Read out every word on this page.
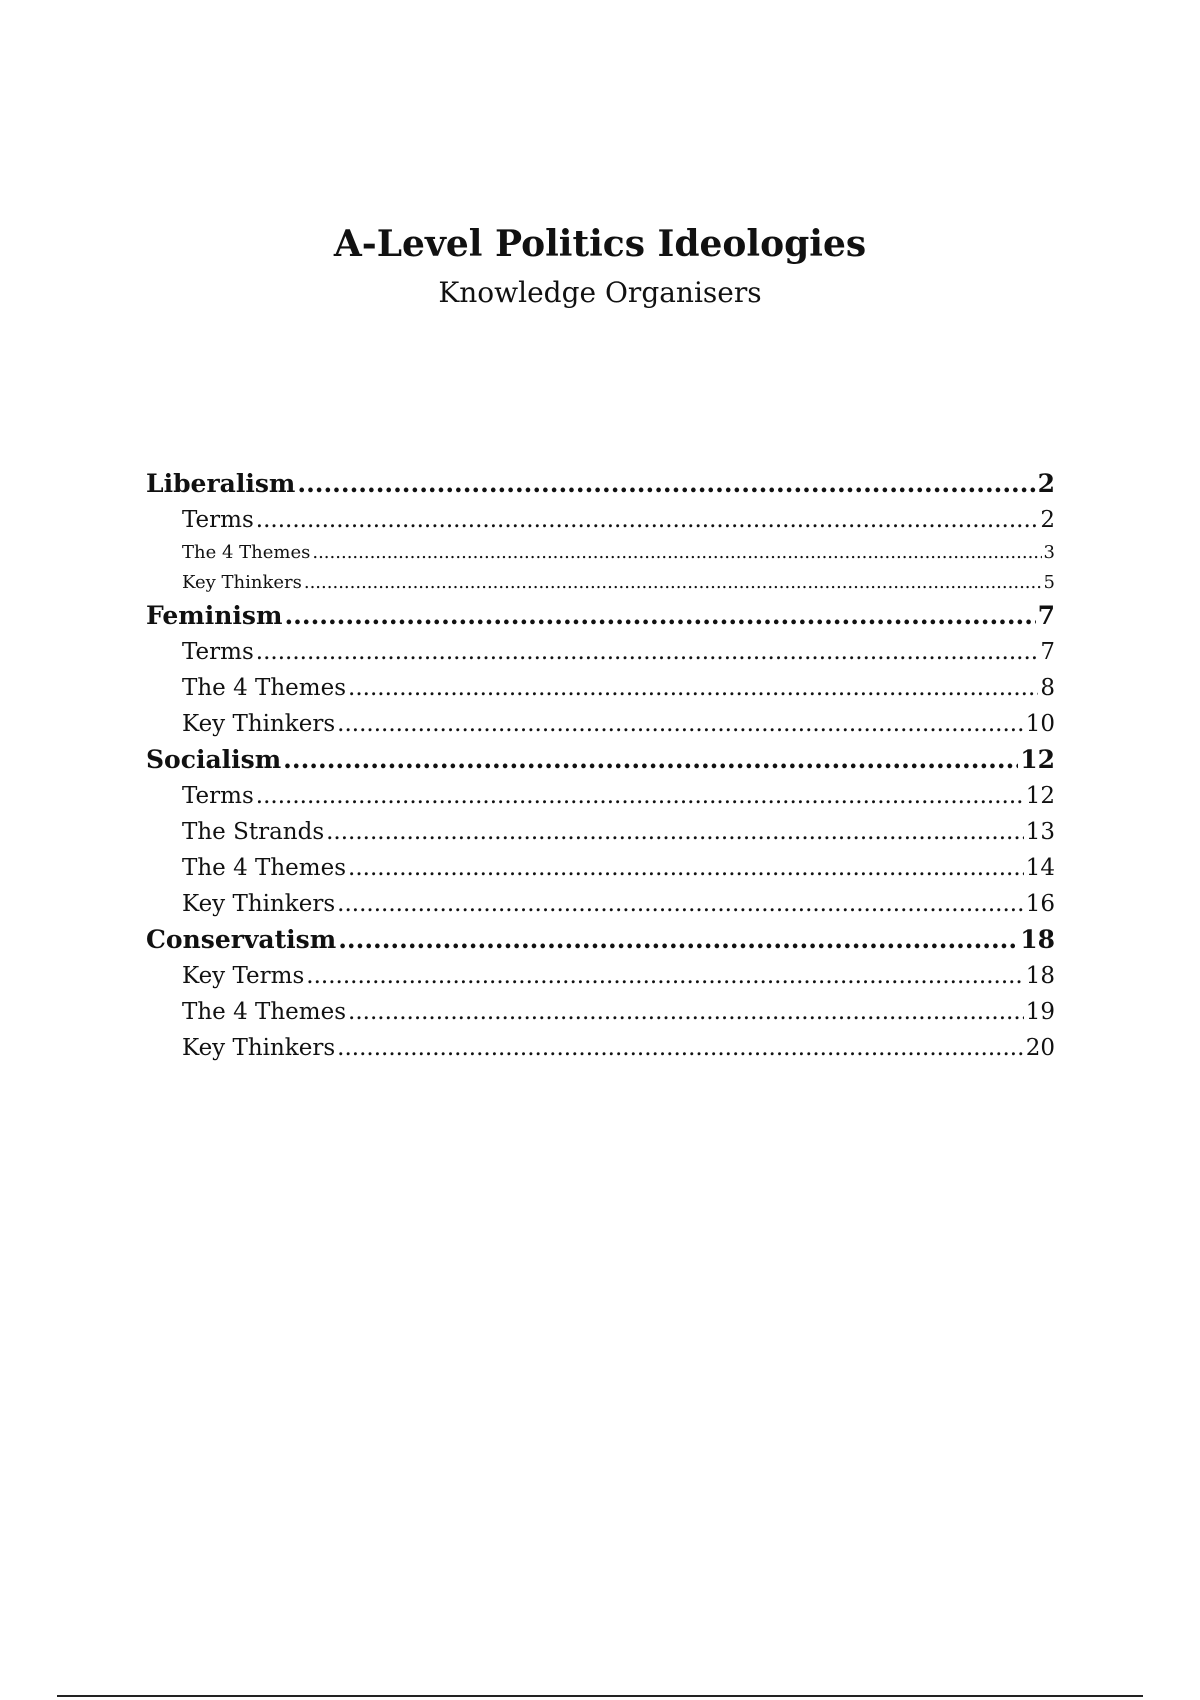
A-Level Politics Ideologies
Knowledge Organisers
Liberalism .....	2
Terms .....	2
The 4 Themes .....	3
Key Thinkers .....	5
Feminism .....	7
Terms .....	7
The 4 Themes .....	8
Key Thinkers .....	10
Socialism .....	12
Terms .....	12
The Strands .....	13
The 4 Themes .....	14
Key Thinkers .....	16
Conservatism .....	18
Key Terms .....	18
The 4 Themes .....	19
Key Thinkers .....	20
